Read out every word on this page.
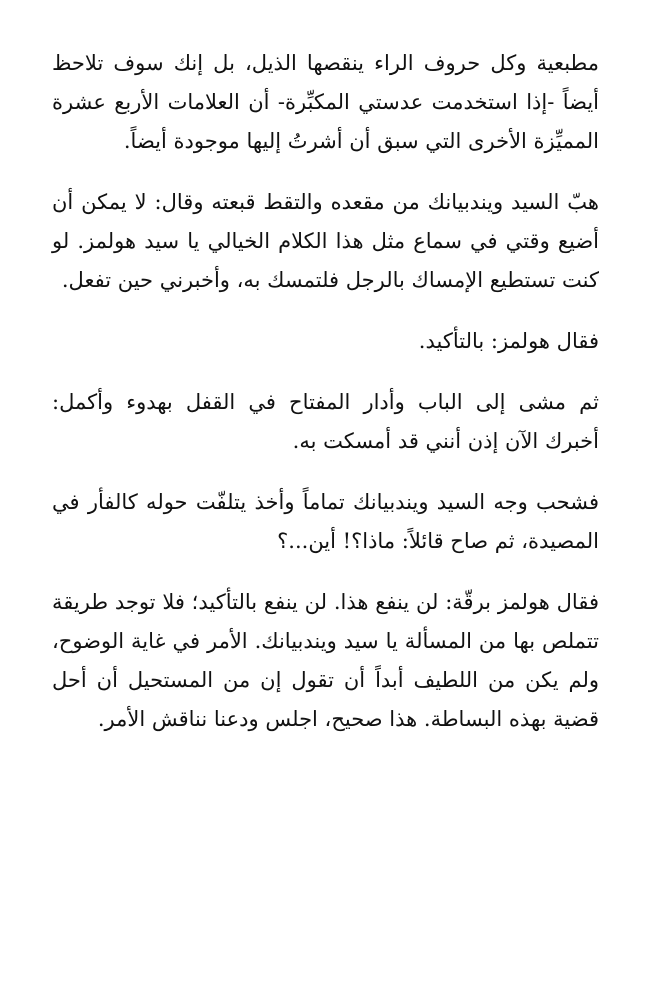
مطبعية وكل حروف الراء ينقصها الذيل، بل إنك سوف تلاحظ أيضاً -إذا استخدمت عدستي المكبِّرة- أن العلامات الأربع عشرة المميِّزة الأخرى التي سبق أن أشرتُ إليها موجودة أيضاً.

هبّ السيد ويندبيانك من مقعده والتقط قبعته وقال: لا يمكن أن أضيع وقتي في سماع مثل هذا الكلام الخيالي يا سيد هولمز. لو كنت تستطيع الإمساك بالرجل فلتمسك به، وأخبرني حين تفعل.

فقال هولمز: بالتأكيد.

ثم مشى إلى الباب وأدار المفتاح في القفل بهدوء وأكمل: أخبرك الآن إذن أنني قد أمسكت به.

فشحب وجه السيد ويندبيانك تماماً وأخذ يتلفّت حوله كالفأر في المصيدة، ثم صاح قائلاً: ماذا؟! أين...؟

فقال هولمز برقّة: لن ينفع هذا. لن ينفع بالتأكيد؛ فلا توجد طريقة تتملص بها من المسألة يا سيد ويندبيانك. الأمر في غاية الوضوح، ولم يكن من اللطيف أبداً أن تقول إن من المستحيل أن أحل قضية بهذه البساطة. هذا صحيح، اجلس ودعنا نناقش الأمر.
